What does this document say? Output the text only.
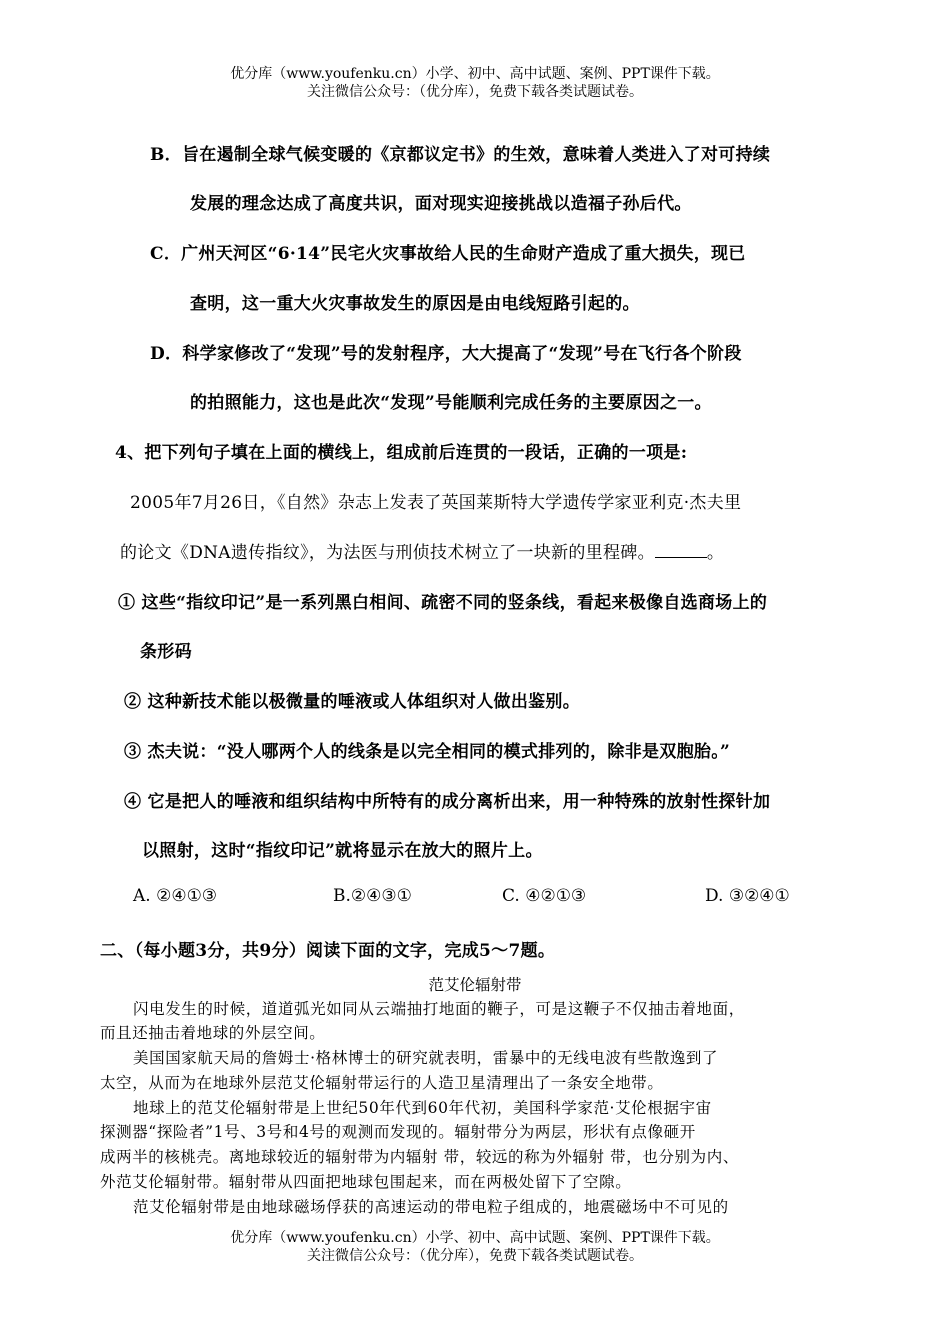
优分库（www.youfenku.cn）小学、初中、高中试题、案例、PPT课件下载。
关注微信公众号：（优分库），免费下载各类试题试卷。
B．旨在遏制全球气候变暖的《京都议定书》的生效，意味着人类进入了对可持续
发展的理念达成了高度共识，面对现实迎接挑战以造福子孙后代。
C．广州天河区“6·14”民宅火灾事故给人民的生命财产造成了重大损失，现已
查明，这一重大火灾事故发生的原因是由电线短路引起的。
D．科学家修改了“发现”号的发射程序，大大提高了“发现”号在飞行各个阶段
的拍照能力，这也是此次“发现”号能顺利完成任务的主要原因之一。
4、把下列句子填在上面的横线上，组成前后连贯的一段话，正确的一项是:
2005年7月26日，《自然》杂志上发表了英国莱斯特大学遗传学家亚利克·杰夫里
的论文《DNA遗传指纹》，为法医与刑侦技术树立了一块新的里程碑。	。
① 这些“指纹印记”是一系列黑白相间、疏密不同的竖条线，看起来极像自选商场上的
条形码
② 这种新技术能以极微量的唾液或人体组织对人做出鉴别。
③ 杰夫说：“没人哪两个人的线条是以完全相同的模式排列的，除非是双胞胎。”
④ 它是把人的唾液和组织结构中所特有的成分离析出来，用一种特殊的放射性探针加
以照射，这时“指纹印记”就将显示在放大的照片上。
A. ②④①③	B.②④③①	C. ④②①③	D. ③②④①
二、（每小题3分，共9分）阅读下面的文字，完成5～7题。
范艾伦辐射带
闪电发生的时候，道道弧光如同从云端抽打地面的鞭子，可是这鞭子不仅抽击着地面，
而且还抽击着地球的外层空间。
美国国家航天局的詹姆士·格林博士的研究就表明，雷暴中的无线电波有些散逸到了
太空，从而为在地球外层范艾伦辐射带运行的人造卫星清理出了一条安全地带。
地球上的范艾伦辐射带是上世纪50年代到60年代初，美国科学家范·艾伦根据宇宙
探测器“探险者”1号、3号和4号的观测而发现的。辐射带分为两层，形状有点像砸开
成两半的核桃壳。离地球较近的辐射带为内辐射 带，较远的称为外辐射 带，也分别为内、
外范艾伦辐射带。辐射带从四面把地球包围起来，而在两极处留下了空隙。
范艾伦辐射带是由地球磁场俘获的高速运动的带电粒子组成的，地震磁场中不可见的
优分库（www.youfenku.cn）小学、初中、高中试题、案例、PPT课件下载。
关注微信公众号：（优分库），免费下载各类试题试卷。
